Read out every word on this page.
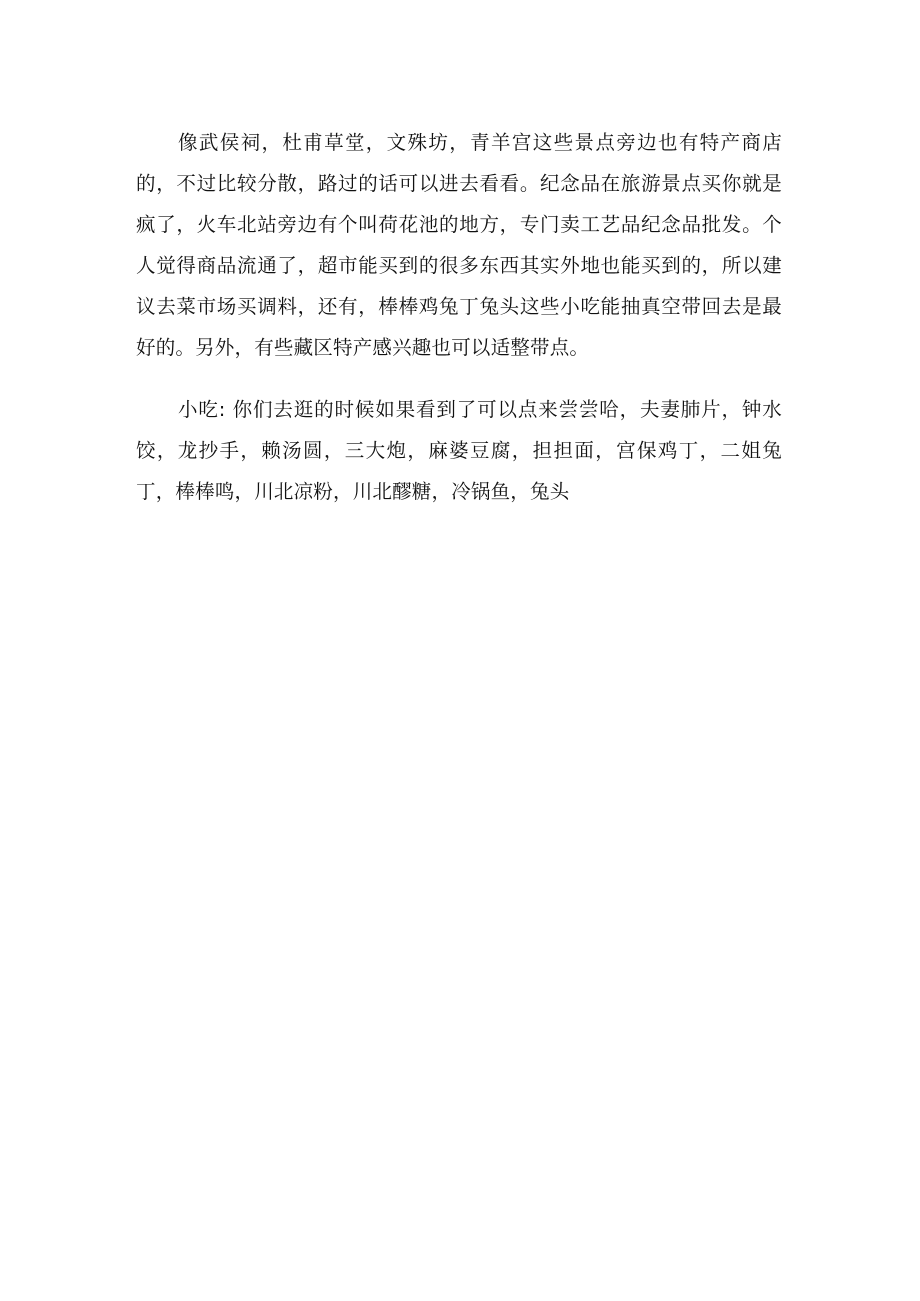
像武侯祠，杜甫草堂，文殊坊，青羊宫这些景点旁边也有特产商店的，不过比较分散，路过的话可以进去看看。纪念品在旅游景点买你就是疯了，火车北站旁边有个叫荷花池的地方，专门卖工艺品纪念品批发。个人觉得商品流通了，超市能买到的很多东西其实外地也能买到的，所以建议去菜市场买调料，还有，棒棒鸡兔丁兔头这些小吃能抽真空带回去是最好的。另外，有些藏区特产感兴趣也可以适整带点。

小吃: 你们去逛的时候如果看到了可以点来尝尝哈，夫妻肺片，钟水饺，龙抄手，赖汤圆，三大炮，麻婆豆腐，担担面，宫保鸡丁，二姐兔丁，棒棒鸣，川北凉粉，川北醪糖，冷锅鱼，兔头
